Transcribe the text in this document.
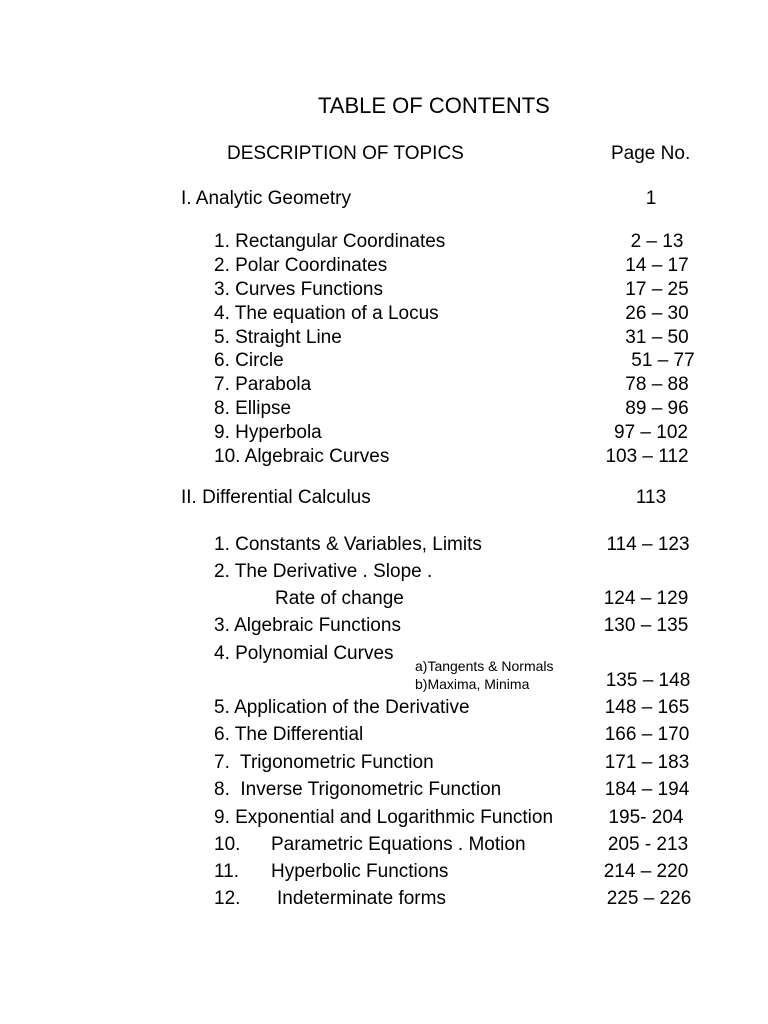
TABLE OF CONTENTS
DESCRIPTION OF TOPICS	Page No.
I. Analytic Geometry	1
1. Rectangular Coordinates	2 – 13
2. Polar Coordinates	14 – 17
3. Curves Functions	17 – 25
4. The equation of a Locus	26 – 30
5. Straight Line	31 – 50
6. Circle	51 – 77
7. Parabola	78 – 88
8. Ellipse	89 – 96
9. Hyperbola	97 – 102
10. Algebraic Curves	103 – 112
II. Differential Calculus	113
1. Constants & Variables, Limits	114 – 123
2. The Derivative . Slope .
Rate of change	124 – 129
3. Algebraic Functions	130 – 135
4. Polynomial Curves
a)Tangents & Normals
b)Maxima, Minima	135 – 148
5. Application of the Derivative	148 – 165
6. The Differential	166 – 170
7.  Trigonometric Function	171 – 183
8.  Inverse Trigonometric Function	184 – 194
9. Exponential and Logarithmic Function	195- 204
10. Parametric Equations . Motion	205 - 213
11. Hyperbolic Functions	214 – 220
12. Indeterminate forms	225 – 226
